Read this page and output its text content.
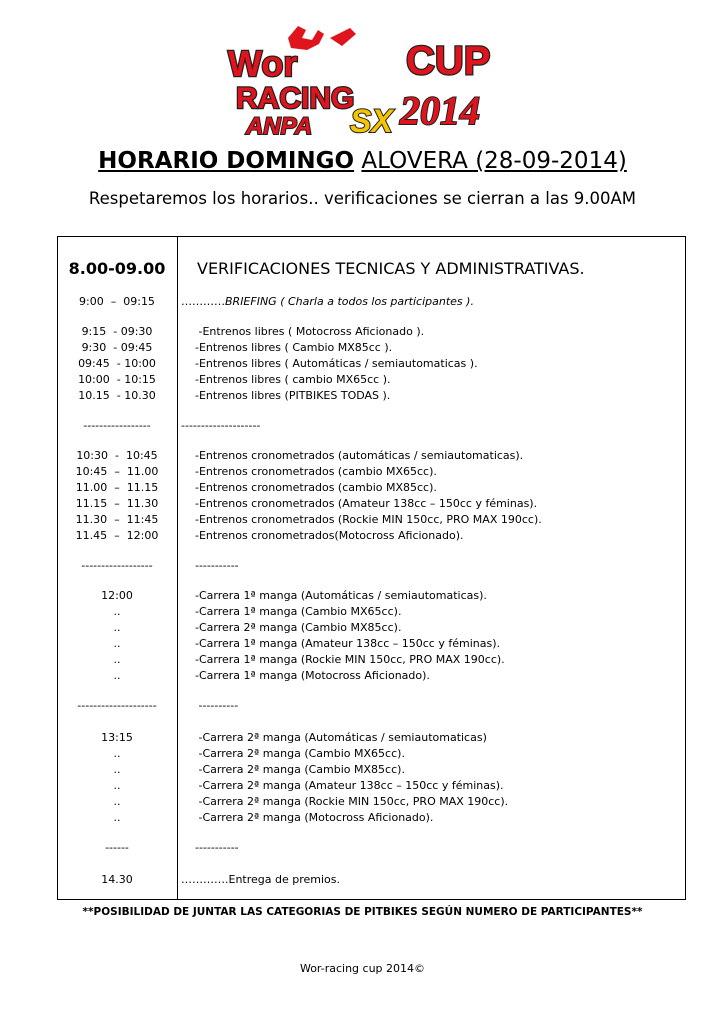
Wor
RACING
CUP
ANPA SX 2014
HORARIO DOMINGO ALOVERA (28-09-2014)
Respetaremos los horarios.. verificaciones se cierran a las 9.00AM
8.00-09.00	VERIFICACIONES TECNICAS Y ADMINISTRATIVAS.
9:00  –  09:15	…………BRIEFING ( Charla a todos los participantes ).
9:15  - 09:30	-Entrenos libres ( Motocross Aficionado ).
9:30  - 09:45	-Entrenos libres ( Cambio MX85cc ).
09:45  - 10:00	-Entrenos libres ( Automáticas / semiautomaticas ).
10:00  - 10:15	-Entrenos libres ( cambio MX65cc ).
10.15  - 10.30	-Entrenos libres (PITBIKES TODAS ).
-----------------	--------------------
10:30  -  10:45	-Entrenos cronometrados (automáticas / semiautomaticas).
10:45  –  11.00	-Entrenos cronometrados (cambio MX65cc).
11.00  –  11.15	-Entrenos cronometrados (cambio MX85cc).
11.15  –  11.30	-Entrenos cronometrados (Amateur 138cc – 150cc y féminas).
11.30  –  11:45	-Entrenos cronometrados (Rockie MIN 150cc, PRO MAX 190cc).
11.45  –  12:00	-Entrenos cronometrados(Motocross Aficionado).
------------------	-----------
12:00	-Carrera 1ª manga (Automáticas / semiautomaticas).
..	-Carrera 1ª manga (Cambio MX65cc).
..	-Carrera 2ª manga (Cambio MX85cc).
..	-Carrera 1ª manga (Amateur 138cc – 150cc y féminas).
..	-Carrera 1ª manga (Rockie MIN 150cc, PRO MAX 190cc).
..	-Carrera 1ª manga (Motocross Aficionado).
--------------------	----------
13:15	-Carrera 2ª manga (Automáticas / semiautomaticas)
..	-Carrera 2ª manga (Cambio MX65cc).
..	-Carrera 2ª manga (Cambio MX85cc).
..	-Carrera 2ª manga (Amateur 138cc – 150cc y féminas).
..	-Carrera 2ª manga (Rockie MIN 150cc, PRO MAX 190cc).
..	-Carrera 2ª manga (Motocross Aficionado).
------	-----------
14.30	………….Entrega de premios.
**POSIBILIDAD DE JUNTAR LAS CATEGORIAS DE PITBIKES SEGÚN NUMERO DE PARTICIPANTES**
Wor-racing cup 2014©
